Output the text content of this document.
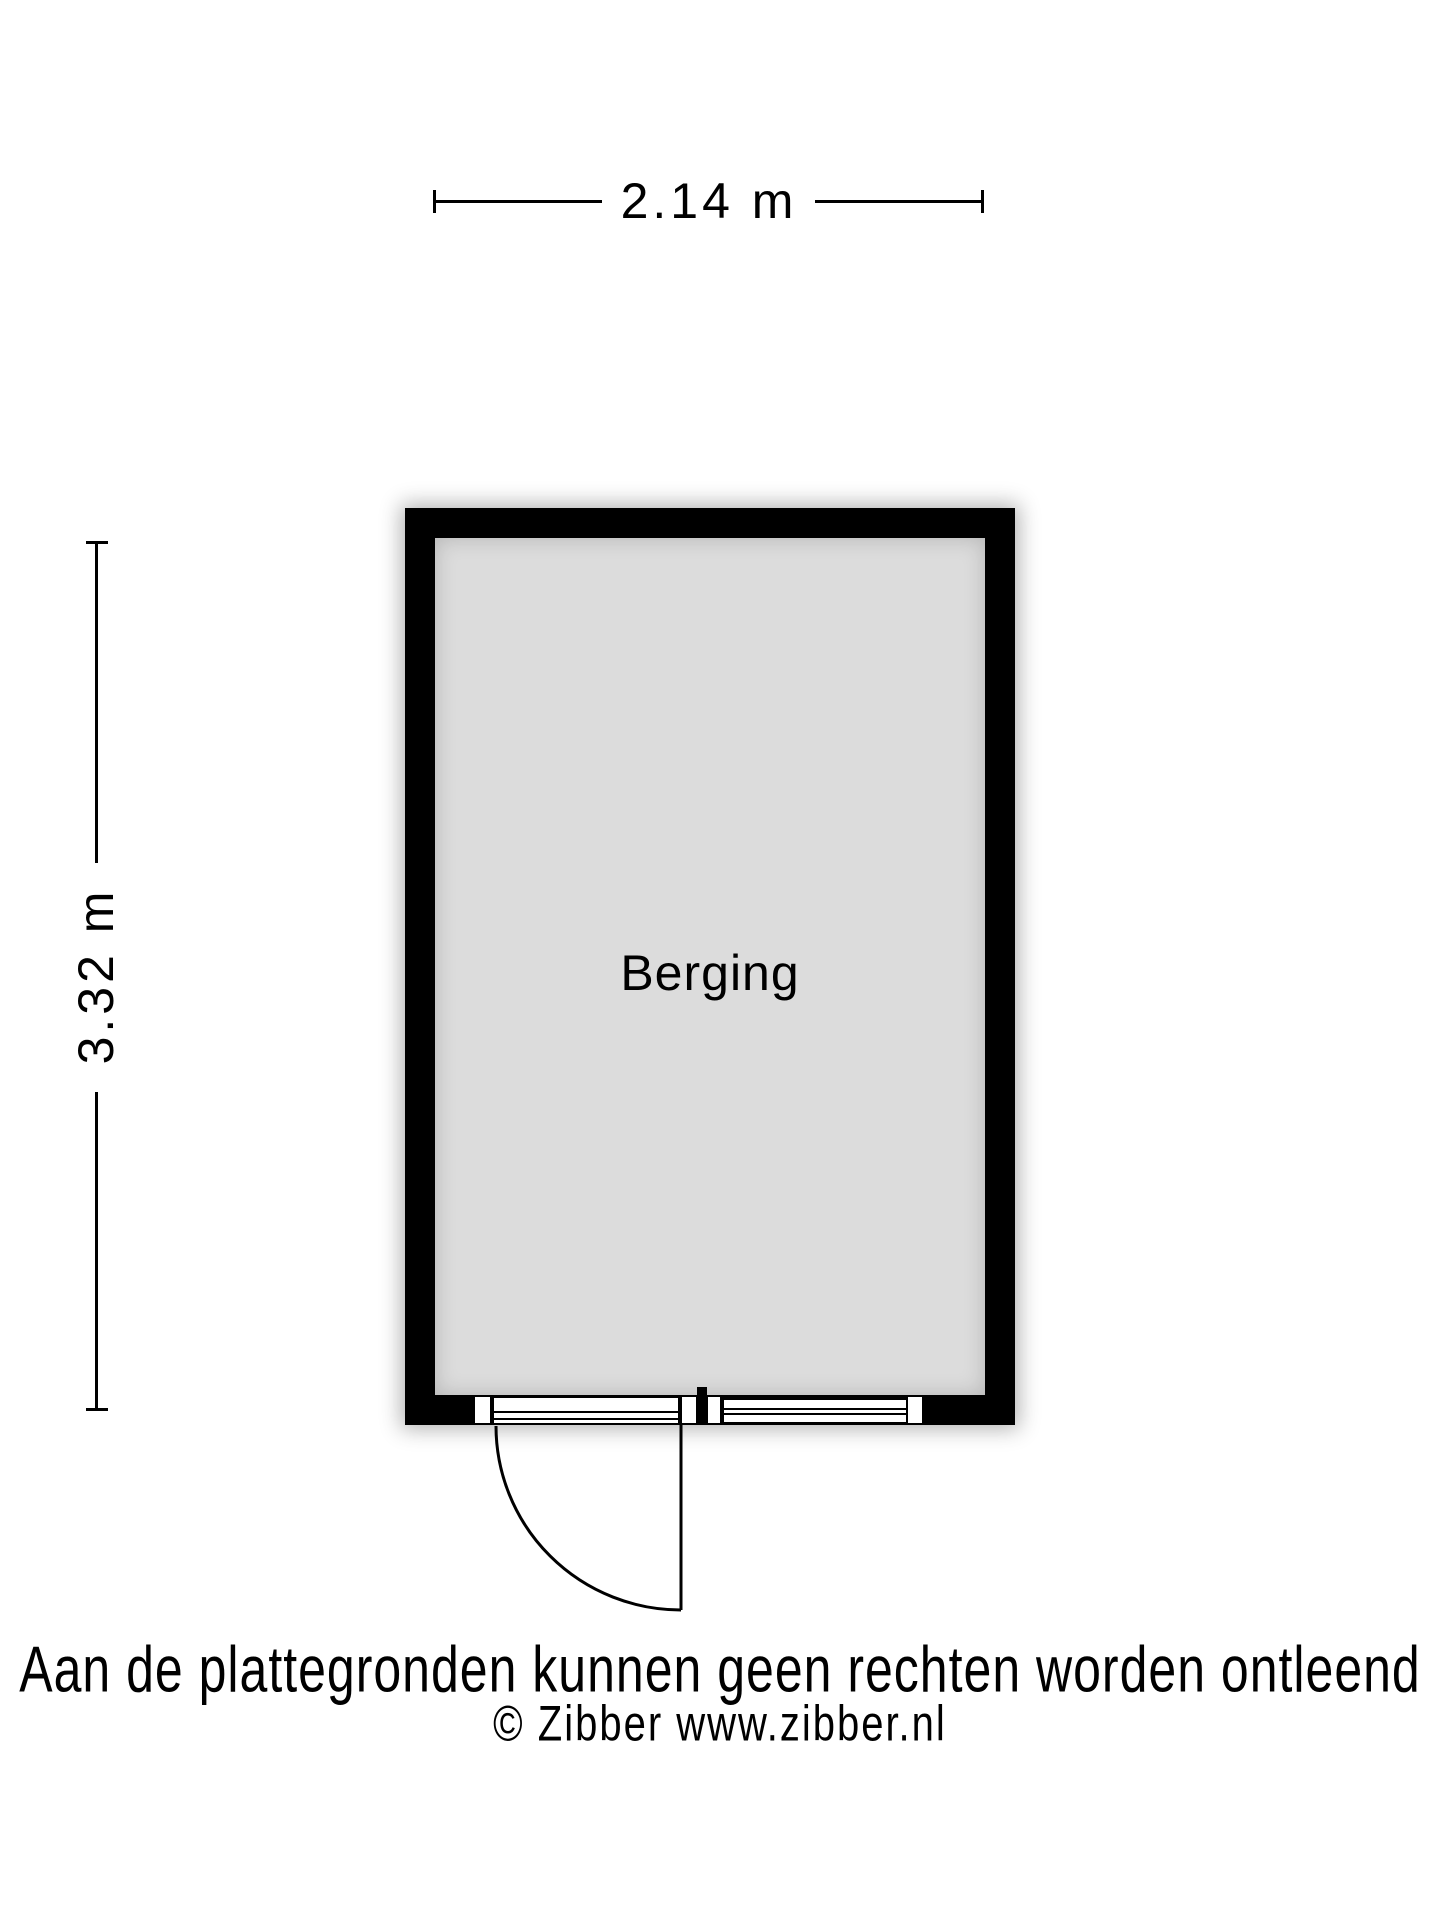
2.14 m
3.32 m	Berging
Aan de plattegronden kunnen geen rechten worden ontleend
© Zibber www.zibber.nl
